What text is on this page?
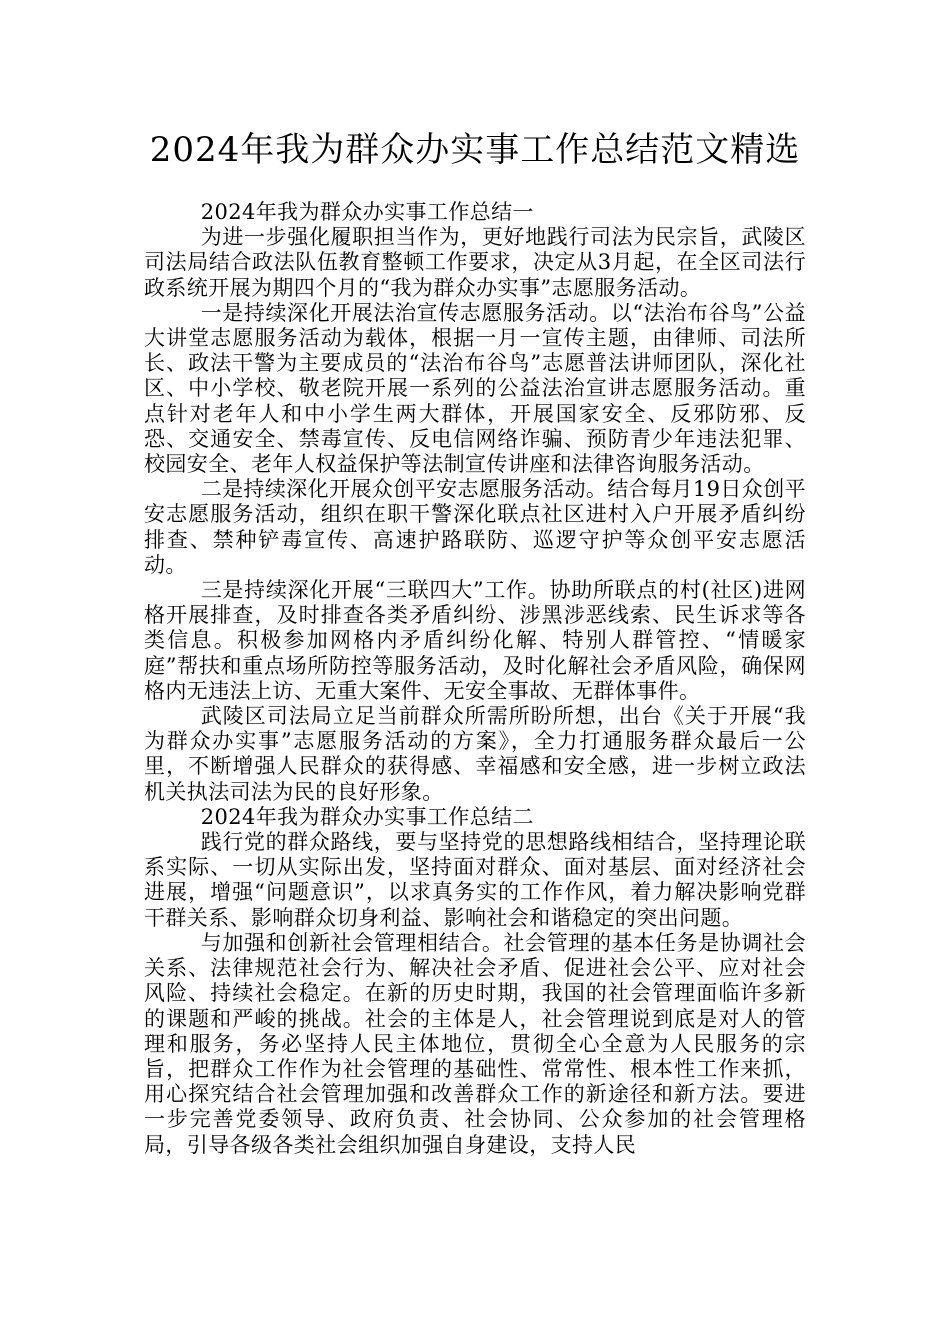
2024年我为群众办实事工作总结范文精选

2024年我为群众办实事工作总结一

为进一步强化履职担当作为，更好地践行司法为民宗旨，武陵区司法局结合政法队伍教育整顿工作要求，决定从3月起，在全区司法行政系统开展为期四个月的“我为群众办实事”志愿服务活动。

一是持续深化开展法治宣传志愿服务活动。以“法治布谷鸟”公益大讲堂志愿服务活动为载体，根据一月一宣传主题，由律师、司法所长、政法干警为主要成员的“法治布谷鸟”志愿普法讲师团队，深化社区、中小学校、敬老院开展一系列的公益法治宣讲志愿服务活动。重点针对老年人和中小学生两大群体，开展国家安全、反邪防邪、反恐、交通安全、禁毒宣传、反电信网络诈骗、预防青少年违法犯罪、校园安全、老年人权益保护等法制宣传讲座和法律咨询服务活动。

二是持续深化开展众创平安志愿服务活动。结合每月19日众创平安志愿服务活动，组织在职干警深化联点社区进村入户开展矛盾纠纷排查、禁种铲毒宣传、高速护路联防、巡逻守护等众创平安志愿活动。

三是持续深化开展“三联四大”工作。协助所联点的村(社区)进网格开展排查，及时排查各类矛盾纠纷、涉黑涉恶线索、民生诉求等各类信息。积极参加网格内矛盾纠纷化解、特别人群管控、“情暖家庭”帮扶和重点场所防控等服务活动，及时化解社会矛盾风险，确保网格内无违法上访、无重大案件、无安全事故、无群体事件。

武陵区司法局立足当前群众所需所盼所想，出台《关于开展“我为群众办实事”志愿服务活动的方案》，全力打通服务群众最后一公里，不断增强人民群众的获得感、幸福感和安全感，进一步树立政法机关执法司法为民的良好形象。

2024年我为群众办实事工作总结二

践行党的群众路线，要与坚持党的思想路线相结合，坚持理论联系实际、一切从实际出发，坚持面对群众、面对基层、面对经济社会进展，增强“问题意识”，以求真务实的工作作风，着力解决影响党群干群关系、影响群众切身利益、影响社会和谐稳定的突出问题。

与加强和创新社会管理相结合。社会管理的基本任务是协调社会关系、法律规范社会行为、解决社会矛盾、促进社会公平、应对社会风险、持续社会稳定。在新的历史时期，我国的社会管理面临许多新的课题和严峻的挑战。社会的主体是人，社会管理说到底是对人的管理和服务，务必坚持人民主体地位，贯彻全心全意为人民服务的宗旨，把群众工作作为社会管理的基础性、常常性、根本性工作来抓，用心探究结合社会管理加强和改善群众工作的新途径和新方法。要进一步完善党委领导、政府负责、社会协同、公众参加的社会管理格局，引导各级各类社会组织加强自身建设，支持人民
